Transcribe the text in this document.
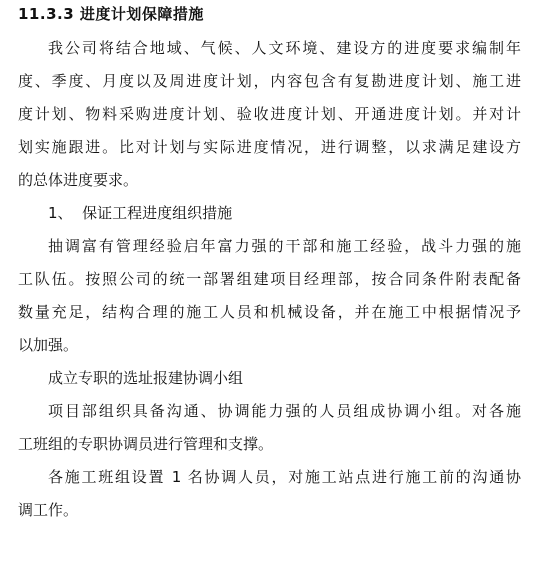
11.3.3 进度计划保障措施
我公司将结合地域、气候、人文环境、建设方的进度要求编制年
度、季度、月度以及周进度计划，内容包含有复勘进度计划、施工进
度计划、物料采购进度计划、验收进度计划、开通进度计划。并对计
划实施跟进。比对计划与实际进度情况，进行调整，以求满足建设方
的总体进度要求。
1、  保证工程进度组织措施
抽调富有管理经验启年富力强的干部和施工经验，战斗力强的施
工队伍。按照公司的统一部署组建项目经理部，按合同条件附表配备
数量充足，结构合理的施工人员和机械设备，并在施工中根据情况予
以加强。
成立专职的选址报建协调小组
项目部组织具备沟通、协调能力强的人员组成协调小组。对各施
工班组的专职协调员进行管理和支撑。
各施工班组设置 1 名协调人员，对施工站点进行施工前的沟通协
调工作。
